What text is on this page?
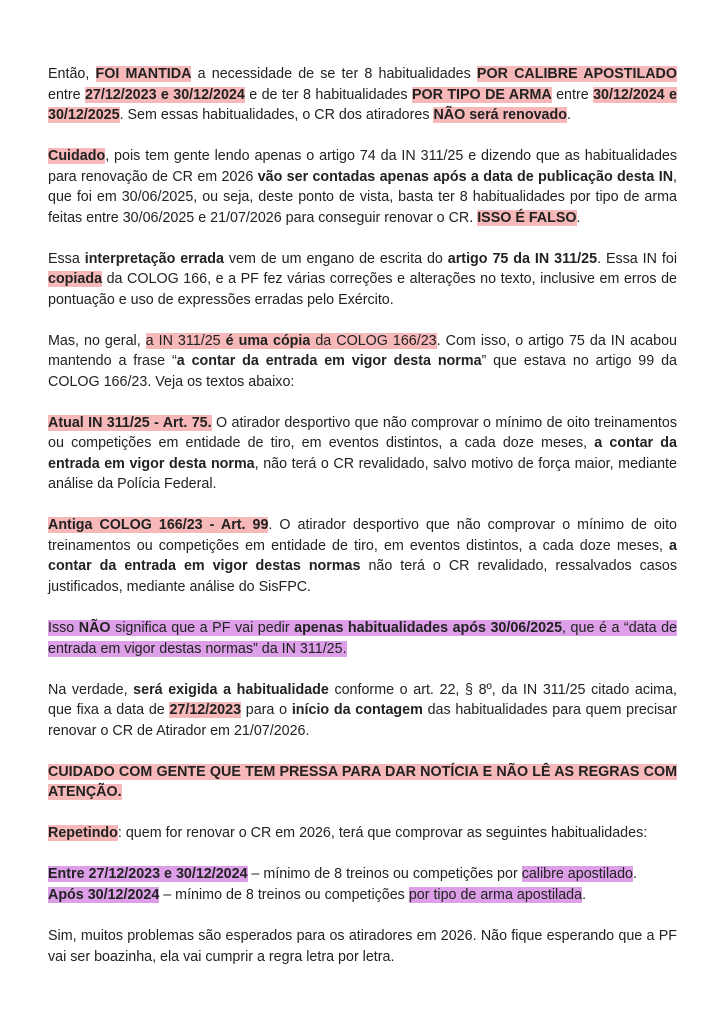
Então, FOI MANTIDA a necessidade de se ter 8 habitualidades POR CALIBRE APOSTILADO entre 27/12/2023 e 30/12/2024 e de ter 8 habitualidades POR TIPO DE ARMA entre 30/12/2024 e 30/12/2025. Sem essas habitualidades, o CR dos atiradores NÃO será renovado.

Cuidado, pois tem gente lendo apenas o artigo 74 da IN 311/25 e dizendo que as habitualidades para renovação de CR em 2026 vão ser contadas apenas após a data de publicação desta IN, que foi em 30/06/2025, ou seja, deste ponto de vista, basta ter 8 habitualidades por tipo de arma feitas entre 30/06/2025 e 21/07/2026 para conseguir renovar o CR. ISSO É FALSO.

Essa interpretação errada vem de um engano de escrita do artigo 75 da IN 311/25. Essa IN foi copiada da COLOG 166, e a PF fez várias correções e alterações no texto, inclusive em erros de pontuação e uso de expressões erradas pelo Exército.

Mas, no geral, a IN 311/25 é uma cópia da COLOG 166/23. Com isso, o artigo 75 da IN acabou mantendo a frase “a contar da entrada em vigor desta norma” que estava no artigo 99 da COLOG 166/23. Veja os textos abaixo:

Atual IN 311/25 - Art. 75. O atirador desportivo que não comprovar o mínimo de oito treinamentos ou competições em entidade de tiro, em eventos distintos, a cada doze meses, a contar da entrada em vigor desta norma, não terá o CR revalidado, salvo motivo de força maior, mediante análise da Polícia Federal.

Antiga COLOG 166/23 - Art. 99. O atirador desportivo que não comprovar o mínimo de oito treinamentos ou competições em entidade de tiro, em eventos distintos, a cada doze meses, a contar da entrada em vigor destas normas não terá o CR revalidado, ressalvados casos justificados, mediante análise do SisFPC.

Isso NÃO significa que a PF vai pedir apenas habitualidades após 30/06/2025, que é a “data de entrada em vigor destas normas” da IN 311/25.

Na verdade, será exigida a habitualidade conforme o art. 22, § 8º, da IN 311/25 citado acima, que fixa a data de 27/12/2023 para o início da contagem das habitualidades para quem precisar renovar o CR de Atirador em 21/07/2026.

CUIDADO COM GENTE QUE TEM PRESSA PARA DAR NOTÍCIA E NÃO LÊ AS REGRAS COM ATENÇÃO.

Repetindo: quem for renovar o CR em 2026, terá que comprovar as seguintes habitualidades:

Entre 27/12/2023 e 30/12/2024 – mínimo de 8 treinos ou competições por calibre apostilado.
Após 30/12/2024 – mínimo de 8 treinos ou competições por tipo de arma apostilada.

Sim, muitos problemas são esperados para os atiradores em 2026. Não fique esperando que a PF vai ser boazinha, ela vai cumprir a regra letra por letra.
